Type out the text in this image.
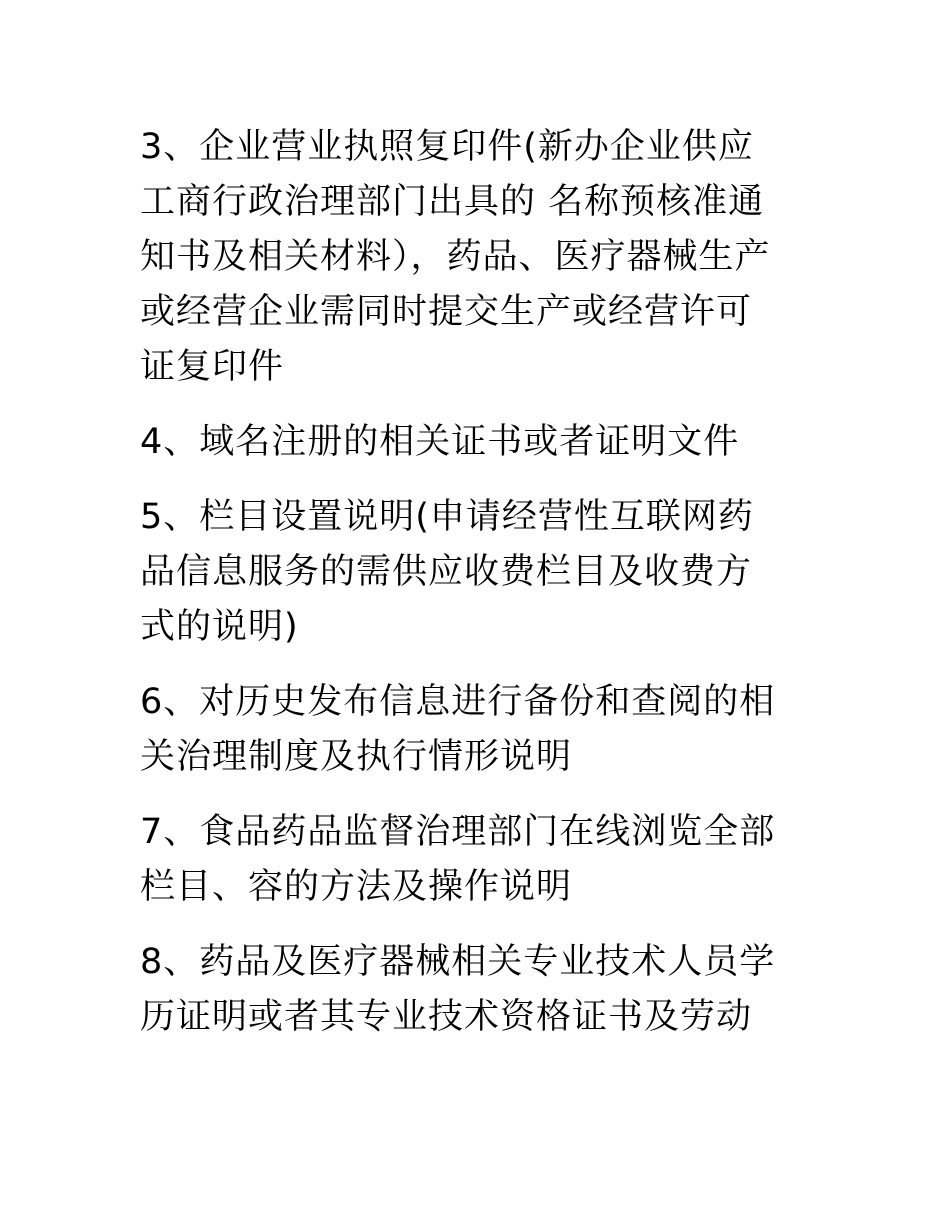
3、企业营业执照复印件(新办企业供应
工商行政治理部门出具的 名称预核准通
知书及相关材料），药品、医疗器械生产
或经营企业需同时提交生产或经营许可
证复印件
4、域名注册的相关证书或者证明文件
5、栏目设置说明(申请经营性互联网药
品信息服务的需供应收费栏目及收费方
式的说明)
6、对历史发布信息进行备份和查阅的相
关治理制度及执行情形说明
7、食品药品监督治理部门在线浏览全部
栏目、容的方法及操作说明
8、药品及医疗器械相关专业技术人员学
历证明或者其专业技术资格证书及劳动
